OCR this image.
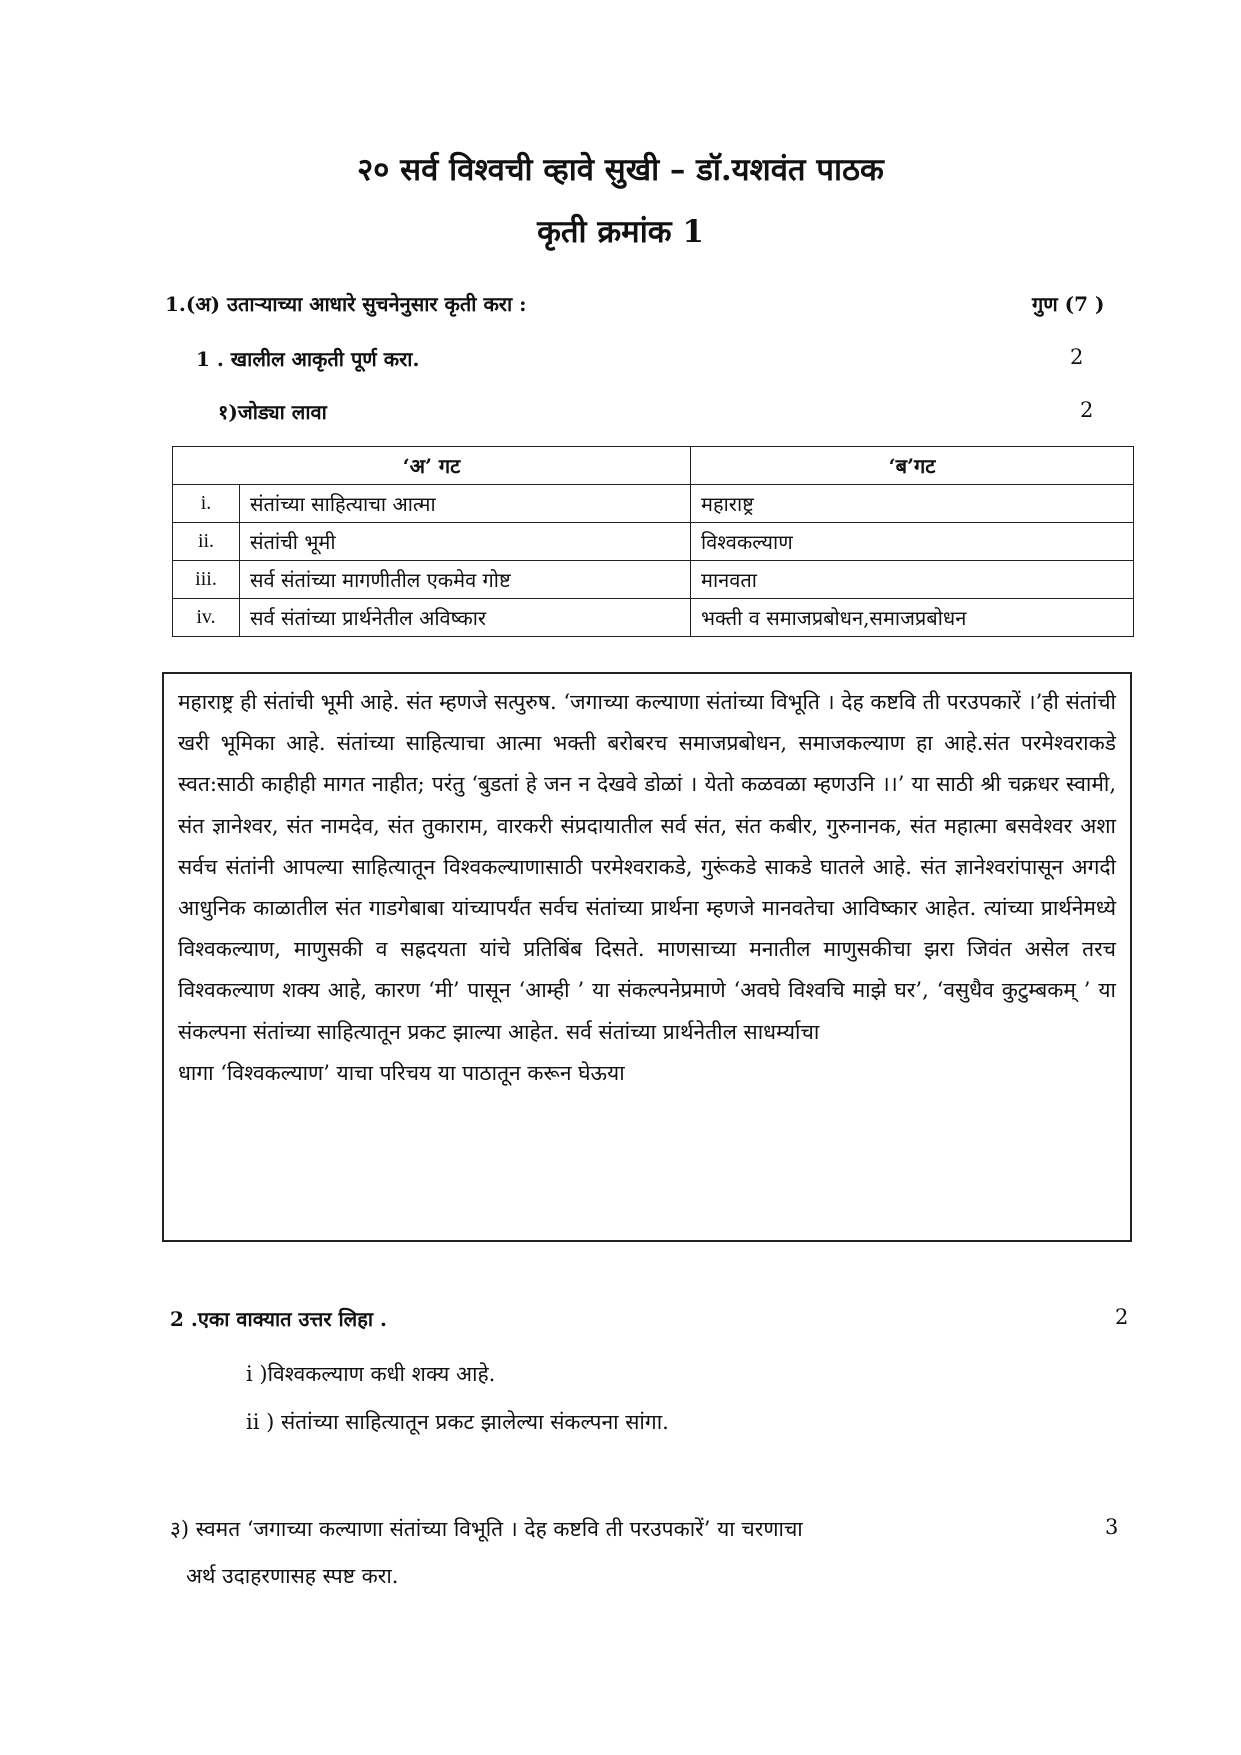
२० सर्व विश्वची व्हावे सुखी – डॉ.यशवंत पाठक
कृती क्रमांक 1
1.(अ) उताऱ्याच्या आधारे सुचनेनुसार कृती करा :	गुण (7 )
1 . खालील आकृती पूर्ण करा.	2
१)जोड्या लावा	2
‘अ’ गट		‘ब’गट
i.	संतांच्या साहित्याचा आत्मा	महाराष्ट्र
ii.	संतांची भूमी	विश्वकल्याण
iii.	सर्व संतांच्या मागणीतील एकमेव गोष्ट	मानवता
iv.	सर्व संतांच्या प्रार्थनेतील अविष्कार	भक्ती व समाजप्रबोधन,समाजप्रबोधन

महाराष्ट्र ही संतांची भूमी आहे. संत म्हणजे सत्पुरुष. ‘जगाच्या कल्याणा संतांच्या विभूति । देह कष्टवि ती परउपकारें ।’ही संतांची खरी भूमिका आहे. संतांच्या साहित्याचा आत्मा भक्ती बरोबरच समाजप्रबोधन, समाजकल्याण हा आहे.संत परमेश्वराकडे स्वत:साठी काहीही मागत नाहीत; परंतु ‘बुडतां हे जन न देखवे डोळां । येतो कळवळा म्हणउनि ।।’ या साठी श्री चक्रधर स्वामी, संत ज्ञानेश्वर, संत नामदेव, संत तुकाराम, वारकरी संप्रदायातील सर्व संत, संत कबीर, गुरुनानक, संत महात्मा बसवेश्वर अशा सर्वच संतांनी आपल्या साहित्यातून विश्वकल्याणासाठी परमेश्वराकडे, गुरूंकडे साकडे घातले आहे. संत ज्ञानेश्वरांपासून अगदी आधुनिक काळातील संत गाडगेबाबा यांच्यापर्यंत सर्वच संतांच्या प्रार्थना म्हणजे मानवतेचा आविष्कार आहेत. त्यांच्या प्रार्थनेमध्ये विश्वकल्याण, माणुसकी व सह्रदयता यांचे प्रतिबिंब दिसते. माणसाच्या मनातील माणुसकीचा झरा जिवंत असेल तरच विश्वकल्याण शक्य आहे, कारण ‘मी’ पासून ‘आम्ही ’ या संकल्पनेप्रमाणे ‘अवघे विश्वचि माझे घर’, ‘वसुधैव कुटुम्बकम् ’ या संकल्पना संतांच्या साहित्यातून प्रकट झाल्या आहेत. सर्व संतांच्या प्रार्थनेतील साधर्म्याचा

धागा ‘विश्वकल्याण’ याचा परिचय या पाठातून करून घेऊया

2 .एका वाक्यात उत्तर लिहा .	2
i )विश्वकल्याण कधी शक्य आहे.
ii ) संतांच्या साहित्यातून प्रकट झालेल्या संकल्पना सांगा.
३) स्वमत ‘जगाच्या कल्याणा संतांच्या विभूति । देह कष्टवि ती परउपकारें’ या चरणाचा	3
अर्थ उदाहरणासह स्पष्ट करा.
